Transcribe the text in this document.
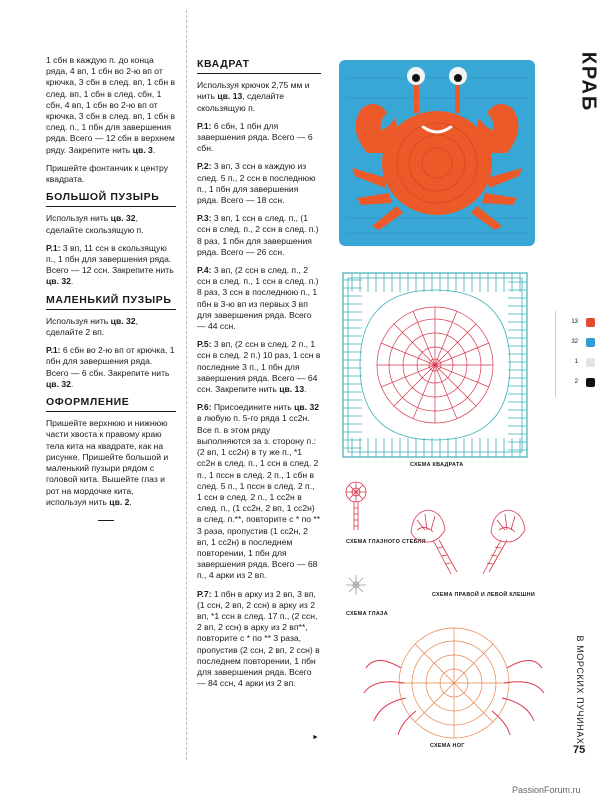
1 сбн в каждую п. до конца ряда, 4 вп, 1 сбн во 2-ю вп от крючка, 3 сбн в след. вп, 1 сбн в след. вп, 1 сбн в след. сбн, 1 сбн, 4 вп, 1 сбн во 2-ю вп от крючка, 3 сбн в след. вп, 1 сбн в след. п., 1 пбн для завершения ряда. Всего — 12 сбн в верхнем ряду. Закрепите нить цв. 3.

Пришейте фонтанчик к центру квадрата.

БОЛЬШОЙ ПУЗЫРЬ

Используя нить цв. 32, сделайте скользящую п.

Р.1: 3 вп, 11 ссн в скользящую п., 1 пбн для завершения ряда. Всего — 12 ссн. Закрепите нить цв. 32.

МАЛЕНЬКИЙ ПУЗЫРЬ

Используя нить цв. 32, сделайте 2 вп.

Р.1: 6 сбн во 2-ю вп от крючка, 1 пбн для завершения ряда. Всего — 6 сбн. Закрепите нить цв. 32.

ОФОРМЛЕНИЕ

Пришейте верхнюю и нижнюю части хвоста к правому краю тела кита на квадрате, как на рисунке. Пришейте большой и маленький пузыри рядом с головой кита. Вышейте глаз и рот на мордочке кита, используя нить цв. 2.

КВАДРАТ

Используя крючок 2,75 мм и нить цв. 13, сделайте скользящую п.

Р.1: 6 сбн, 1 пбн для завершения ряда. Всего — 6 сбн.

Р.2: 3 вп, 3 ссн в каждую из след. 5 п., 2 ссн в последнюю п., 1 пбн для завершения ряда. Всего — 18 ссн.

Р.3: 3 вп, 1 ссн в след. п., (1 ссн в след. п., 2 ссн в след. п.) 8 раз, 1 пбн для завершения ряда. Всего — 26 ссн.

Р.4: 3 вп, (2 ссн в след. п., 2 ссн в след. п., 1 ссн в след. п.) 8 раз, 3 ссн в последнюю п., 1 пбн в 3-ю вп из первых 3 вп для завершения ряда. Всего — 44 ссн.

Р.5: 3 вп, (2 ссн в след. 2 п., 1 ссн в след. 2 п.) 10 раз, 1 ссн в последние 3 п., 1 пбн для завершения ряда. Всего — 64 ссн. Закрепите нить цв. 13.

Р.6: Присоедините нить цв. 32 в любую п. 5-го ряда 1 сс2н. Все п. в этом ряду выполняются за з. сторону п.: (2 вп, 1 сс2н) в ту же п., *1 сс2н в след. п., 1 ссн в след. 2 п., 1 псcн в след. 2 п., 1 сбн в след. 5 п., 1 пcсн в след. 2 п., 1 ссн в след. 2 п., 1 сс2н в след. п., (1 сс2н, 2 вп, 1 сс2н) в след. п.**, повторите с * по ** 3 раза, пропустив (1 сс2н, 2 вп, 1 сс2н) в последнем повторении, 1 пбн для завершения ряда. Всего — 68 п., 4 арки из 2 вп.

Р.7: 1 пбн в арку из 2 вп, 3 вп, (1 ссн, 2 вп, 2 ссн) в арку из 2 вп, *1 ссн в след. 17 п., (2 ссн, 2 вп, 2 ссн) в арку из 2 вп**, повторите с * по ** 3 раза, пропустив (2 ссн, 2 вп, 2 ссн) в последнем повторении, 1 пбн для завершения ряда. Всего — 84 ссн, 4 арки из 2 вп.

►
КРАБ
СХЕМА КВАДРАТА
СХЕМА ГЛАЗНОГО СТЕБЛЯ
СХЕМА ГЛАЗА
СХЕМА ПРАВОЙ И ЛЕВОЙ КЛЕШНИ
СХЕМА НОГ
13
32
1
2
В МОРСКИХ ПУЧИНАХ
75
PassionForum.ru
